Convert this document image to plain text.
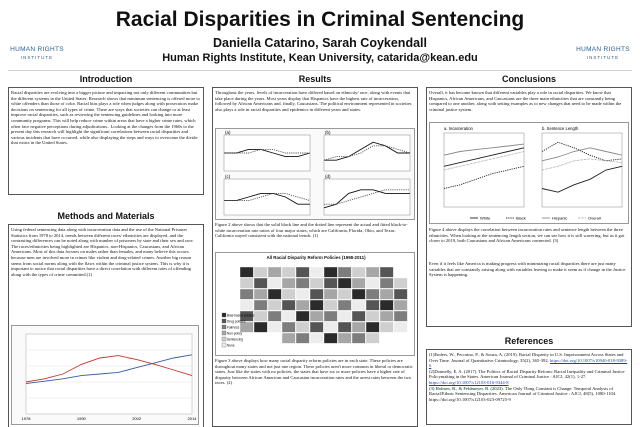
Racial Disparities in Criminal Sentencing
Daniella Catarino, Sarah Coykendall
Human Rights Institute, Kean University, catarida@kean.edu
HUMAN RIGHTS
INSTITUTE
HUMAN RIGHTS
INSTITUTE
Introduction
Racial disparities are evolving into a bigger picture and impacting not only different communities but the different systems in the United States. Research shows that minimum sentencing is offered more to white offenders than those of color. Racial bias plays a role when judges along with prosecutors make decisions on sentencing for all types of crime. There are ways that societies can change or at least improve racial disparities, such as reviewing the sentencing guidelines and looking into more community programs. This will help reduce crime within areas that have a higher crime rates, which often face negative perceptions during adjudications.. Looking at the changes from the 1960s to the present day this research will highlight the significant correlations between racial disparities and various incidents that have occurred, while also displaying the steps and ways to overcome the divide that exists in the United States.
Methods and Materials
Using federal sentencing data along with incarceration data and the use of the National Prisoner Statistics from 1978 to 2014, trends between different races/ ethnicities are displayed, and the contrasting differences can be noted along with number of prisoners by state and their sex and race. The races/ethnicities being highlighted are Hispanics, non-Hispanics, Caucasians, and African Americans. Most of this data focuses on males rather than females, and many believe this occurs because men are involved more in crimes like violent and drug-related crimes. Another big reason stems from social norms along with the flaws within the criminal justice system. This is why it is important to notice that racial disparities have a direct correlation with different rates of offending along with the types of crime committed.(1)
1978	1990	2002	2014
Results
Throughout the years, levels of incarceration have differed based on ethnicity/ race, along with events that take place during the years. Most years display that Hispanics have the highest rate of incarceration, followed by African Americans and, finally, Caucasians. The political environment represented in societies also plays a role in racial disparities and epidemics in different years and states.
(a)	(b)
(c)	(d)
Figure 2 above shows that the solid black line and the dotted line represent the actual and fitted black-to-white incarceration rate ratios of four major states, which are California, Florida, Ohio, and Texas. California stayed consistent with the national trends. (1)
All Racial Disparity Reform Policies (1998-2011)
Bias-based policies
Drug policies
Fairness
Non-policy
Sentencing
None
Figure 3 above displays how many racial disparity reform policies are in each state. These policies are throughout many states and not just one region. These policies aren't more common in liberal or democratic states. Just like the states with no policies, the states that have six or more policies have a higher rate of disparity between African American and Caucasian incarceration rates and the arrest rates between the two races. (2)
Conclusions
Overall, it has become known that different variables play a role in racial disparities. We know that Hispanics, African Americans, and Caucasians are the three main ethnicities that are constantly being compared to one another, along with setting examples as to new changes that need to be made within the criminal justice system.
a. Incarceration	b. Sentence Length
White	Black	Hispanic	Overall
Figure 4 above displays the correlation between incarceration rates and sentence length between the three ethnicities. When looking at the sentencing length section, we can see how it is still wavering, but as it got closer to 2019, both Caucasians and African Americans connected. (3)
Even if it feels like America is making progress with minimizing racial disparities there are just many variables that are constantly arising along with variables leaving to make it seem as if change in the Justice System is happening.
References
(1)Enders, W., Pecorino, P., & Souza, A. (2019). Racial Disparity in U.S. Imprisonment Across States and Over Time. Journal of Quantitative Criminology, 35(2), 365-392. https://doi.org/10.1007/s10940-018-9389-6
(2)Donnelly, E. A. (2017). The Politics of Racial Disparity Reform: Racial Inequality and Criminal Justice Policymaking in the States. American Journal of Criminal Justice : AJCJ, 42(1), 1-27. https://doi.org/10.1007/s12103-016-9344-8
(3) Holmes, B., & Feldmeyer, B. (2023). The Only Thing Constant is Change: Temporal Analysis of Racial/Ethnic Sentencing Disparities. American Journal of Criminal Justice : AJCJ, 48(5), 1080-1104. https://doi.org/10.1007/s12103-023-09725-9
